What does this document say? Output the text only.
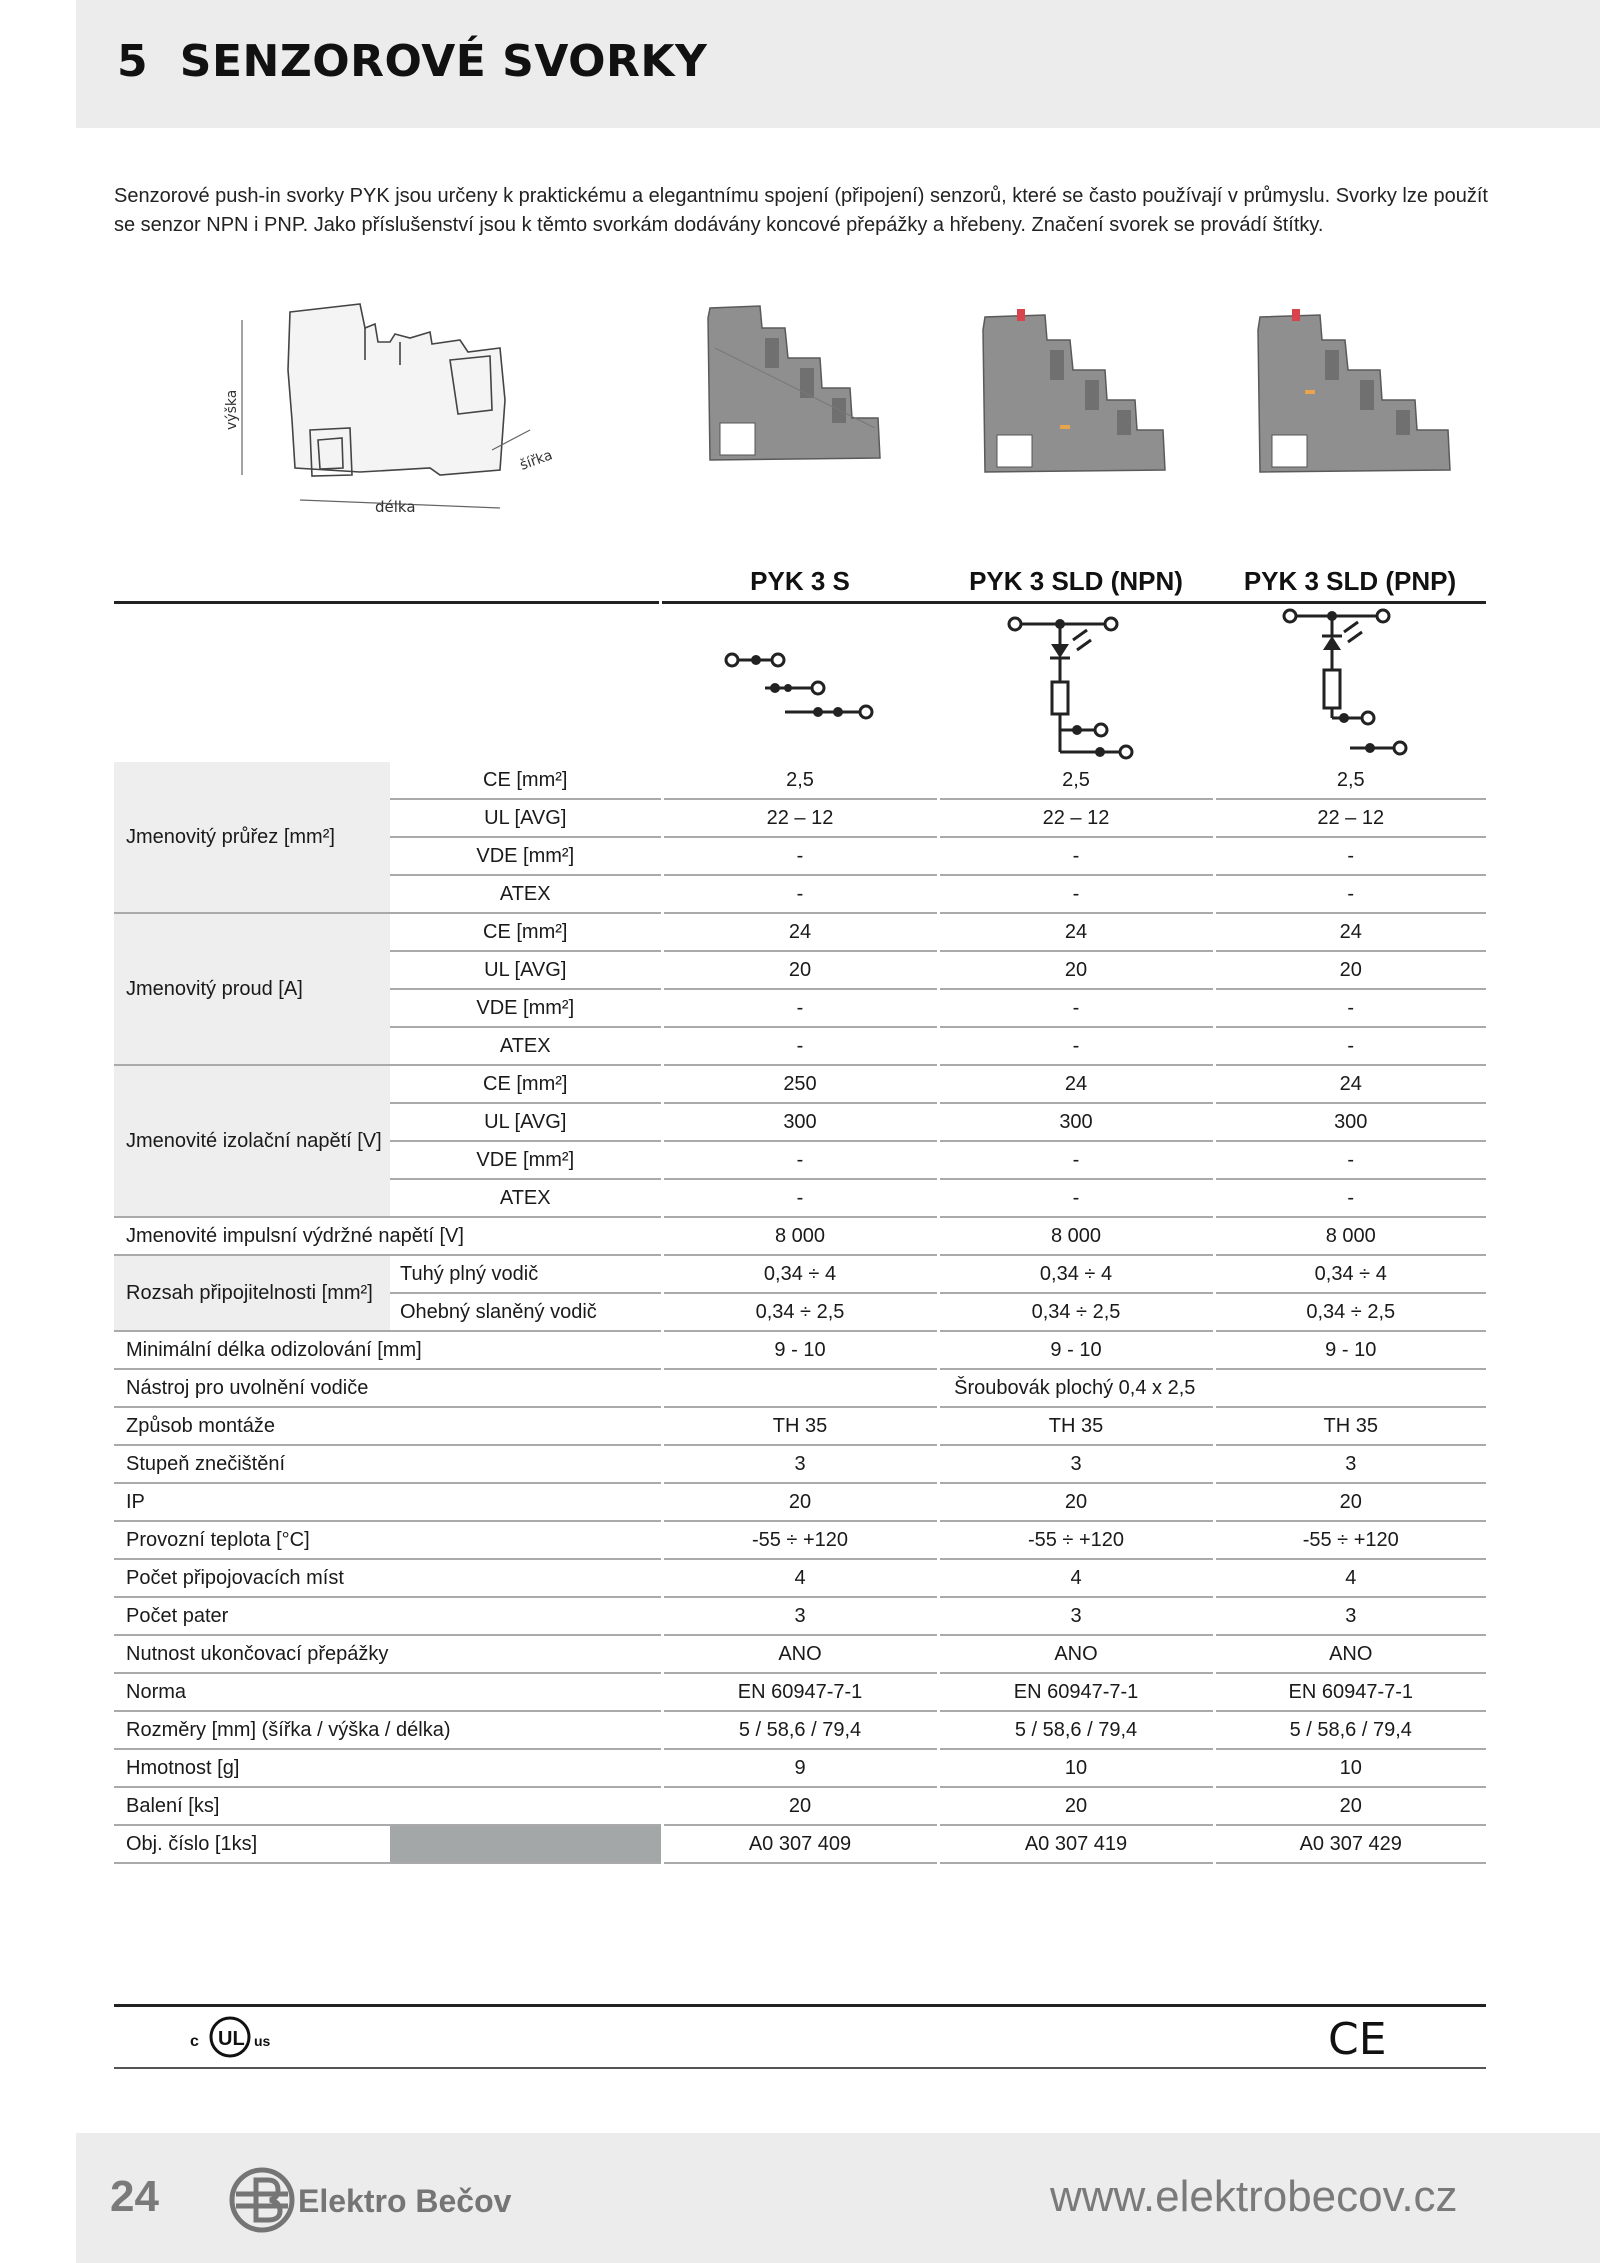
5 SENZOROVÉ SVORKY
Senzorové push-in svorky PYK jsou určeny k praktickému a elegantnímu spojení (připojení) senzorů, které se často používají v průmyslu. Svorky lze použít se senzor NPN i PNP. Jako příslušenství jsou k těmto svorkám dodávány koncové přepážky a hřebeny. Značení svorek se provádí štítky.
výška
šířka
délka
PYK 3 S	PYK 3 SLD (NPN)	PYK 3 SLD (PNP)
Jmenovitý průřez [mm²]	CE [mm²]	2,5	2,5	2,5
	UL [AVG]	22 – 12	22 – 12	22 – 12
	VDE [mm²]	-	-	-
	ATEX	-	-	-
Jmenovitý proud [A]	CE [mm²]	24	24	24
	UL [AVG]	20	20	20
	VDE [mm²]	-	-	-
	ATEX	-	-	-
Jmenovité izolační napětí [V]	CE [mm²]	250	24	24
	UL [AVG]	300	300	300
	VDE [mm²]	-	-	-
	ATEX	-	-	-
Jmenovité impulsní výdržné napětí [V]		8 000	8 000	8 000
Rozsah připojitelnosti [mm²]	Tuhý plný vodič	0,34 ÷ 4	0,34 ÷ 4	0,34 ÷ 4
	Ohebný slaněný vodič	0,34 ÷ 2,5	0,34 ÷ 2,5	0,34 ÷ 2,5
Minimální délka odizolování [mm]		9 - 10	9 - 10	9 - 10
Nástroj pro uvolnění vodiče		Šroubovák plochý 0,4 x 2,5		
Způsob montáže		TH 35	TH 35	TH 35
Stupeň znečištění		3	3	3
IP		20	20	20
Provozní teplota [°C]		-55 ÷ +120	-55 ÷ +120	-55 ÷ +120
Počet připojovacích míst		4	4	4
Počet pater		3	3	3
Nutnost ukončovací přepážky		ANO	ANO	ANO
Norma		EN 60947-7-1	EN 60947-7-1	EN 60947-7-1
Rozměry [mm] (šířka / výška / délka)		5 / 58,6 / 79,4	5 / 58,6 / 79,4	5 / 58,6 / 79,4
Hmotnost [g]		9	10	10
Balení [ks]		20	20	20
Obj. číslo [1ks]		A0 307 409	A0 307 419	A0 307 429
c UL us	CE
24	Elektro Bečov	www.elektrobecov.cz
